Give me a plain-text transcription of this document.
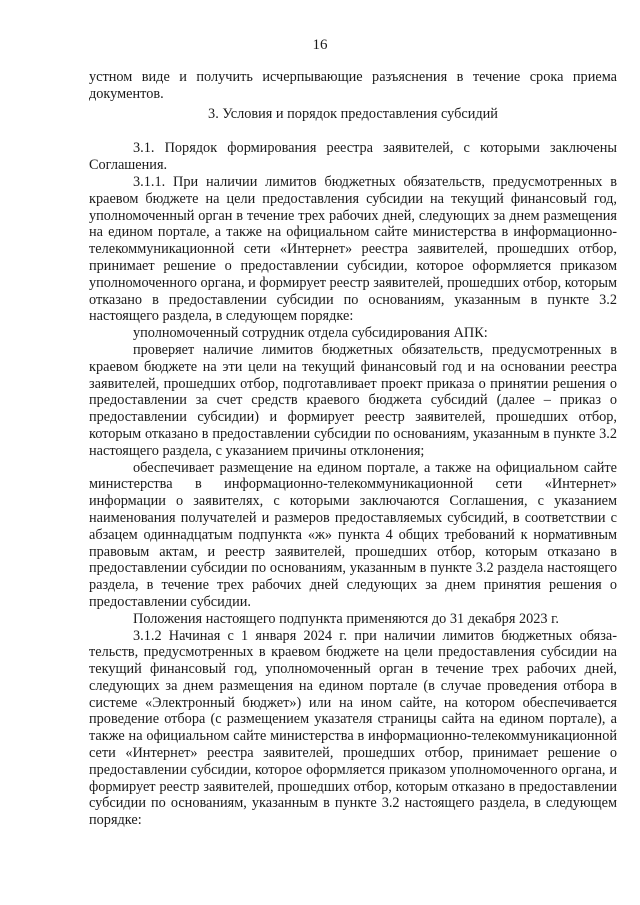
16

устном виде и получить исчерпывающие разъяснения в течение срока приема документов.

3. Условия и порядок предоставления субсидий

3.1. Порядок формирования реестра заявителей, с которыми заключены Соглашения.

3.1.1. При наличии лимитов бюджетных обязательств, предусмотренных в краевом бюджете на цели предоставления субсидии на текущий финансовый год, уполномоченный орган в течение трех рабочих дней, следующих за днем размещения на едином портале, а также на официальном сайте министерства в информационно-телекоммуникационной сети «Интернет» реестра заявителей, прошедших отбор, принимает решение о предоставлении субсидии, которое оформляется приказом уполномоченного органа, и формирует реестр заявителей, прошедших отбор, которым отказано в предоставлении субсидии по основаниям, указанным в пункте 3.2 настоящего раздела, в следующем порядке:

уполномоченный сотрудник отдела субсидирования АПК:

проверяет наличие лимитов бюджетных обязательств, предусмотренных в краевом бюджете на эти цели на текущий финансовый год и на основании реестра заявителей, прошедших отбор, подготавливает проект приказа о принятии решения о предоставлении за счет средств краевого бюджета субсидий (далее – приказ о предоставлении субсидии) и формирует реестр заявителей, прошедших отбор, которым отказано в предоставлении субсидии по основаниям, указанным в пункте 3.2 настоящего раздела, с указанием причины отклонения;

обеспечивает размещение на едином портале, а также на официальном сайте министерства в информационно-телекоммуникационной сети «Интернет» информации о заявителях, с которыми заключаются Соглашения, с указанием наименования получателей и размеров предоставляемых субсидий, в соответствии с абзацем одиннадцатым подпункта «ж» пункта 4 общих требований к нормативным правовым актам, и реестр заявителей, прошедших отбор, которым отказано в предоставлении субсидии по основаниям, указанным в пункте 3.2 раздела настоящего раздела, в течение трех рабочих дней следующих за днем принятия решения о предоставлении субсидии.

Положения настоящего подпункта применяются до 31 декабря 2023 г.

3.1.2 Начиная с 1 января 2024 г. при наличии лимитов бюджетных обязательств, предусмотренных в краевом бюджете на цели предоставления субсидии на текущий финансовый год, уполномоченный орган в течение трех рабочих дней, следующих за днем размещения на едином портале (в случае проведения отбора в системе «Электронный бюджет») или на ином сайте, на котором обеспечивается проведение отбора (с размещением указателя страницы сайта на едином портале), а также на официальном сайте министерства в информационно-телекоммуникационной сети «Интернет» реестра заявителей, прошедших отбор, принимает решение о предоставлении субсидии, которое оформляется приказом уполномоченного органа, и формирует реестр заявителей, прошедших отбор, которым отказано в предоставлении субсидии по основаниям, указанным в пункте 3.2 настоящего раздела, в следующем порядке:
